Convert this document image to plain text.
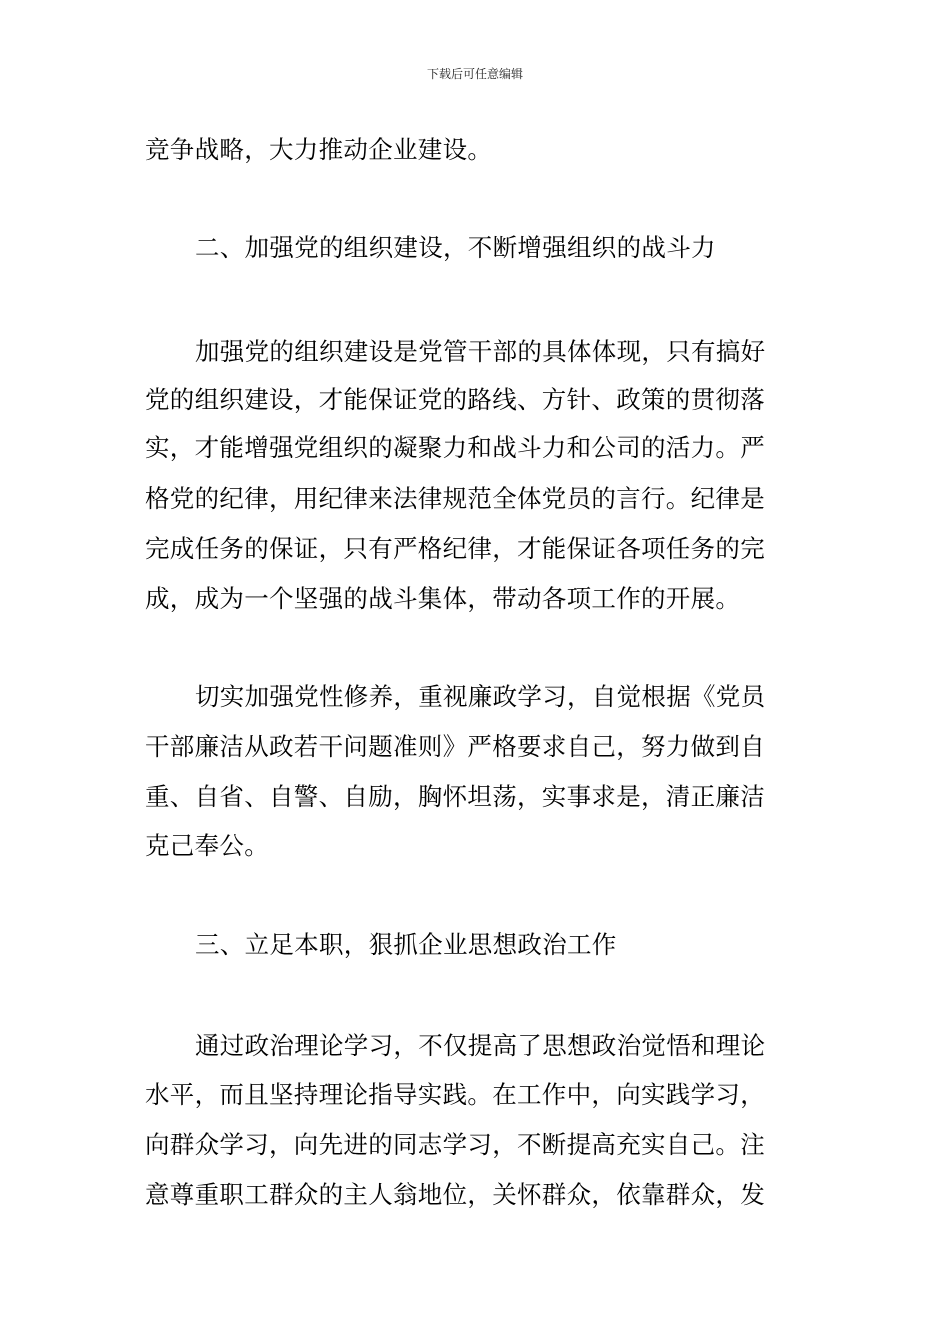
下载后可任意编辑
竞争战略，大力推动企业建设。
二、加强党的组织建设，不断增强组织的战斗力
加强党的组织建设是党管干部的具体体现，只有搞好
党的组织建设，才能保证党的路线、方针、政策的贯彻落
实，才能增强党组织的凝聚力和战斗力和公司的活力。严
格党的纪律，用纪律来法律规范全体党员的言行。纪律是
完成任务的保证，只有严格纪律，才能保证各项任务的完
成，成为一个坚强的战斗集体，带动各项工作的开展。
切实加强党性修养，重视廉政学习，自觉根据《党员
干部廉洁从政若干问题准则》严格要求自己，努力做到自
重、自省、自警、自励，胸怀坦荡，实事求是，清正廉洁
克己奉公。
三、立足本职，狠抓企业思想政治工作
通过政治理论学习，不仅提高了思想政治觉悟和理论
水平，而且坚持理论指导实践。在工作中，向实践学习，
向群众学习，向先进的同志学习，不断提高充实自己。注
意尊重职工群众的主人翁地位，关怀群众，依靠群众，发
